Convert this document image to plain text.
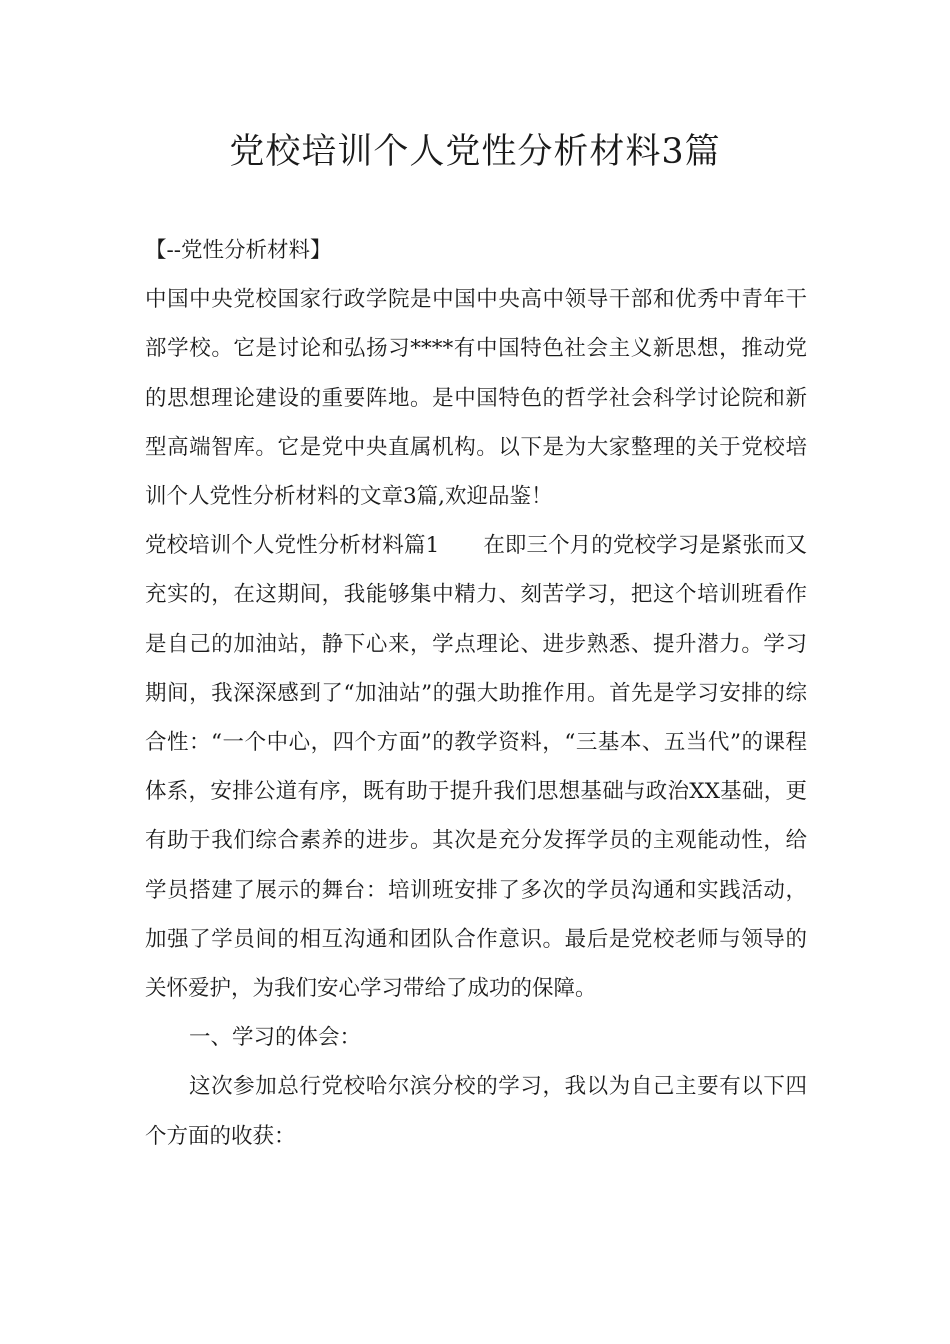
党校培训个人党性分析材料3篇

【--党性分析材料】

中国中央党校国家行政学院是中国中央高中领导干部和优秀中青年干部学校。它是讨论和弘扬习****有中国特色社会主义新思想，推动党的思想理论建设的重要阵地。是中国特色的哲学社会科学讨论院和新型高端智库。它是党中央直属机构。以下是为大家整理的关于党校培训个人党性分析材料的文章3篇,欢迎品鉴！

党校培训个人党性分析材料篇1 在即三个月的党校学习是紧张而又充实的，在这期间，我能够集中精力、刻苦学习，把这个培训班看作是自己的加油站，静下心来，学点理论、进步熟悉、提升潜力。学习期间，我深深感到了“加油站”的强大助推作用。首先是学习安排的综合性：“一个中心，四个方面”的教学资料，“三基本、五当代”的课程体系，安排公道有序，既有助于提升我们思想基础与政治XX基础，更有助于我们综合素养的进步。其次是充分发挥学员的主观能动性，给学员搭建了展示的舞台：培训班安排了多次的学员沟通和实践活动，加强了学员间的相互沟通和团队合作意识。最后是党校老师与领导的关怀爱护，为我们安心学习带给了成功的保障。

一、学习的体会：

这次参加总行党校哈尔滨分校的学习，我以为自己主要有以下四个方面的收获：
